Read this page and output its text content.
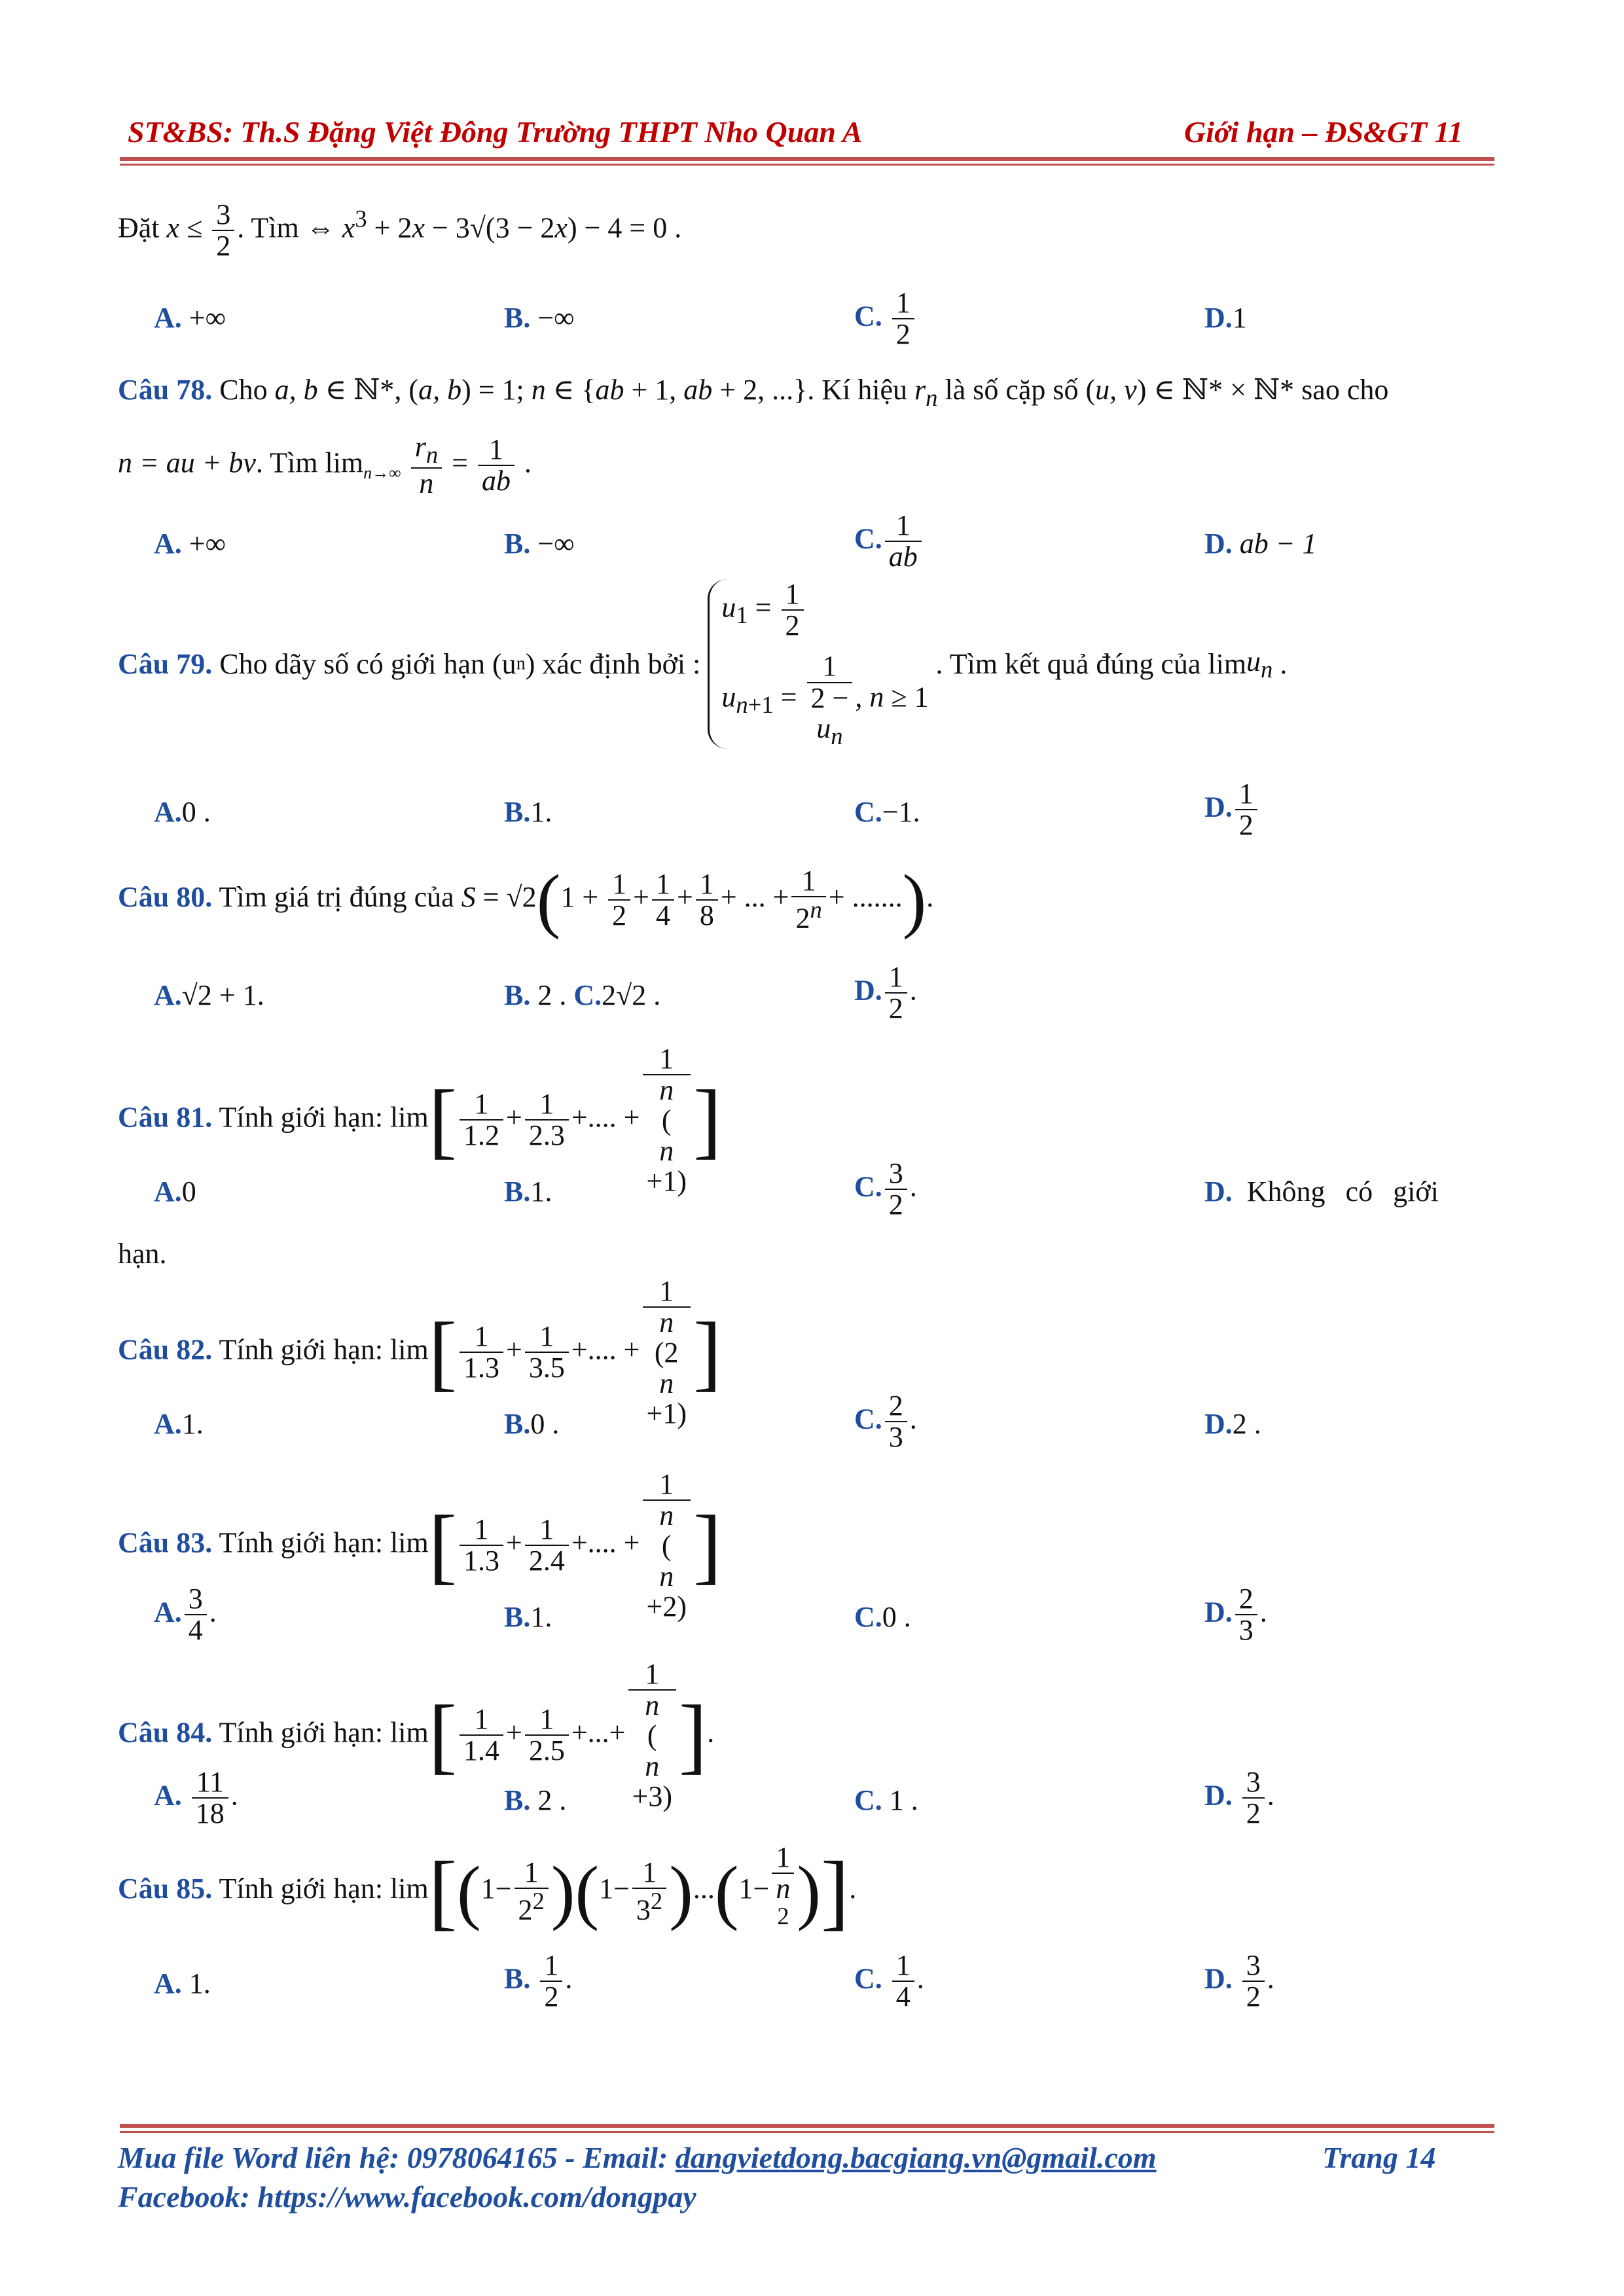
ST&BS: Th.S Đặng Việt Đông Trường THPT Nho Quan A	Giới hạn – ĐS&GT 11
Đặt $x \le \frac{3}{2}$ . Tìm ⇔ $x^3 + 2x - 3√(3 - 2x) - 4 = 0$ .
A. +∞	B. −∞	C. $\frac{1}{2}$	D.1
Câu 78. Cho a, b ∈ ℕ*, (a, b) = 1; n ∈ {ab + 1, ab + 2, ...}. Kí hiệu $r_n$ là số cặp số (u, v) ∈ ℕ* × ℕ* sao cho
n = au + bv. Tìm $\lim_{n\to\infty} \frac{r_n}{n} = \frac{1}{ab}$ .
A. +∞	B. −∞	C. $\frac{1}{ab}$	D. ab − 1
Câu 79. Cho dãy số có giới hạn (un) xác định bởi :
$u_1 = \frac{1}{2}$
$u_{n+1} = 1$
2 −
$u_n$ , n ≥ 1
. Tìm kết quả đúng của limu$_n$ .
A.0 .	B.1.	C.−1.	D. $\frac{1}{2}$
Câu 80. Tìm giá trị đúng của $S = √2(1 + \frac{1}{2} + \frac{1}{4} + \frac{1}{8}$ + ... + $\frac{1}{2^n}$ + .......).
A.√2 + 1.	B. 2 . C.2√2 .	D. $\frac{1}{2}$ .
Câu 81. Tính giới hạn: $\lim[ \frac{1}{1.2} + \frac{1}{2.3}$ +.... + 1
n
(
n
+1) ]
A.0	B.1.	C. $\frac{3}{2}$ .	D. Không có giới
hạn.
Câu 82. Tính giới hạn: $\lim[ \frac{1}{1.3} + \frac{1}{3.5}$ +.... + 1
n
(2
n
+1) ]
A.1.	B.0 .	C. $\frac{2}{3}$ .	D.2 .
Câu 83. Tính giới hạn: $\lim[ \frac{1}{1.3} + \frac{1}{2.4}$ +.... + 1
n
(
n
+2) ]
A. $\frac{3}{4}$ .	B.1.	C.0 .	D. $\frac{2}{3}$ .
Câu 84. Tính giới hạn: $\lim[ \frac{1}{1.4} + \frac{1}{2.5}$ +...+ 1
n
(
n
+3) ].
A. $\frac{11}{18}$ .	B. 2 .	C. 1 .	D. $\frac{3}{2}$ .
Câu 85. Tính giới hạn: $\lim[(1- \frac{1}{2^2} )(1- \frac{1}{3^2} )...(1- 1$
n
$^2$ )].
A. 1.	B. $\frac{1}{2}$ .	C. $\frac{1}{4}$ .	D. $\frac{3}{2}$ .
Mua file Word liên hệ: 0978064165 - Email: dangvietdong.bacgiang.vn@gmail.com	Trang 14
Facebook: https://www.facebook.com/dongpay
